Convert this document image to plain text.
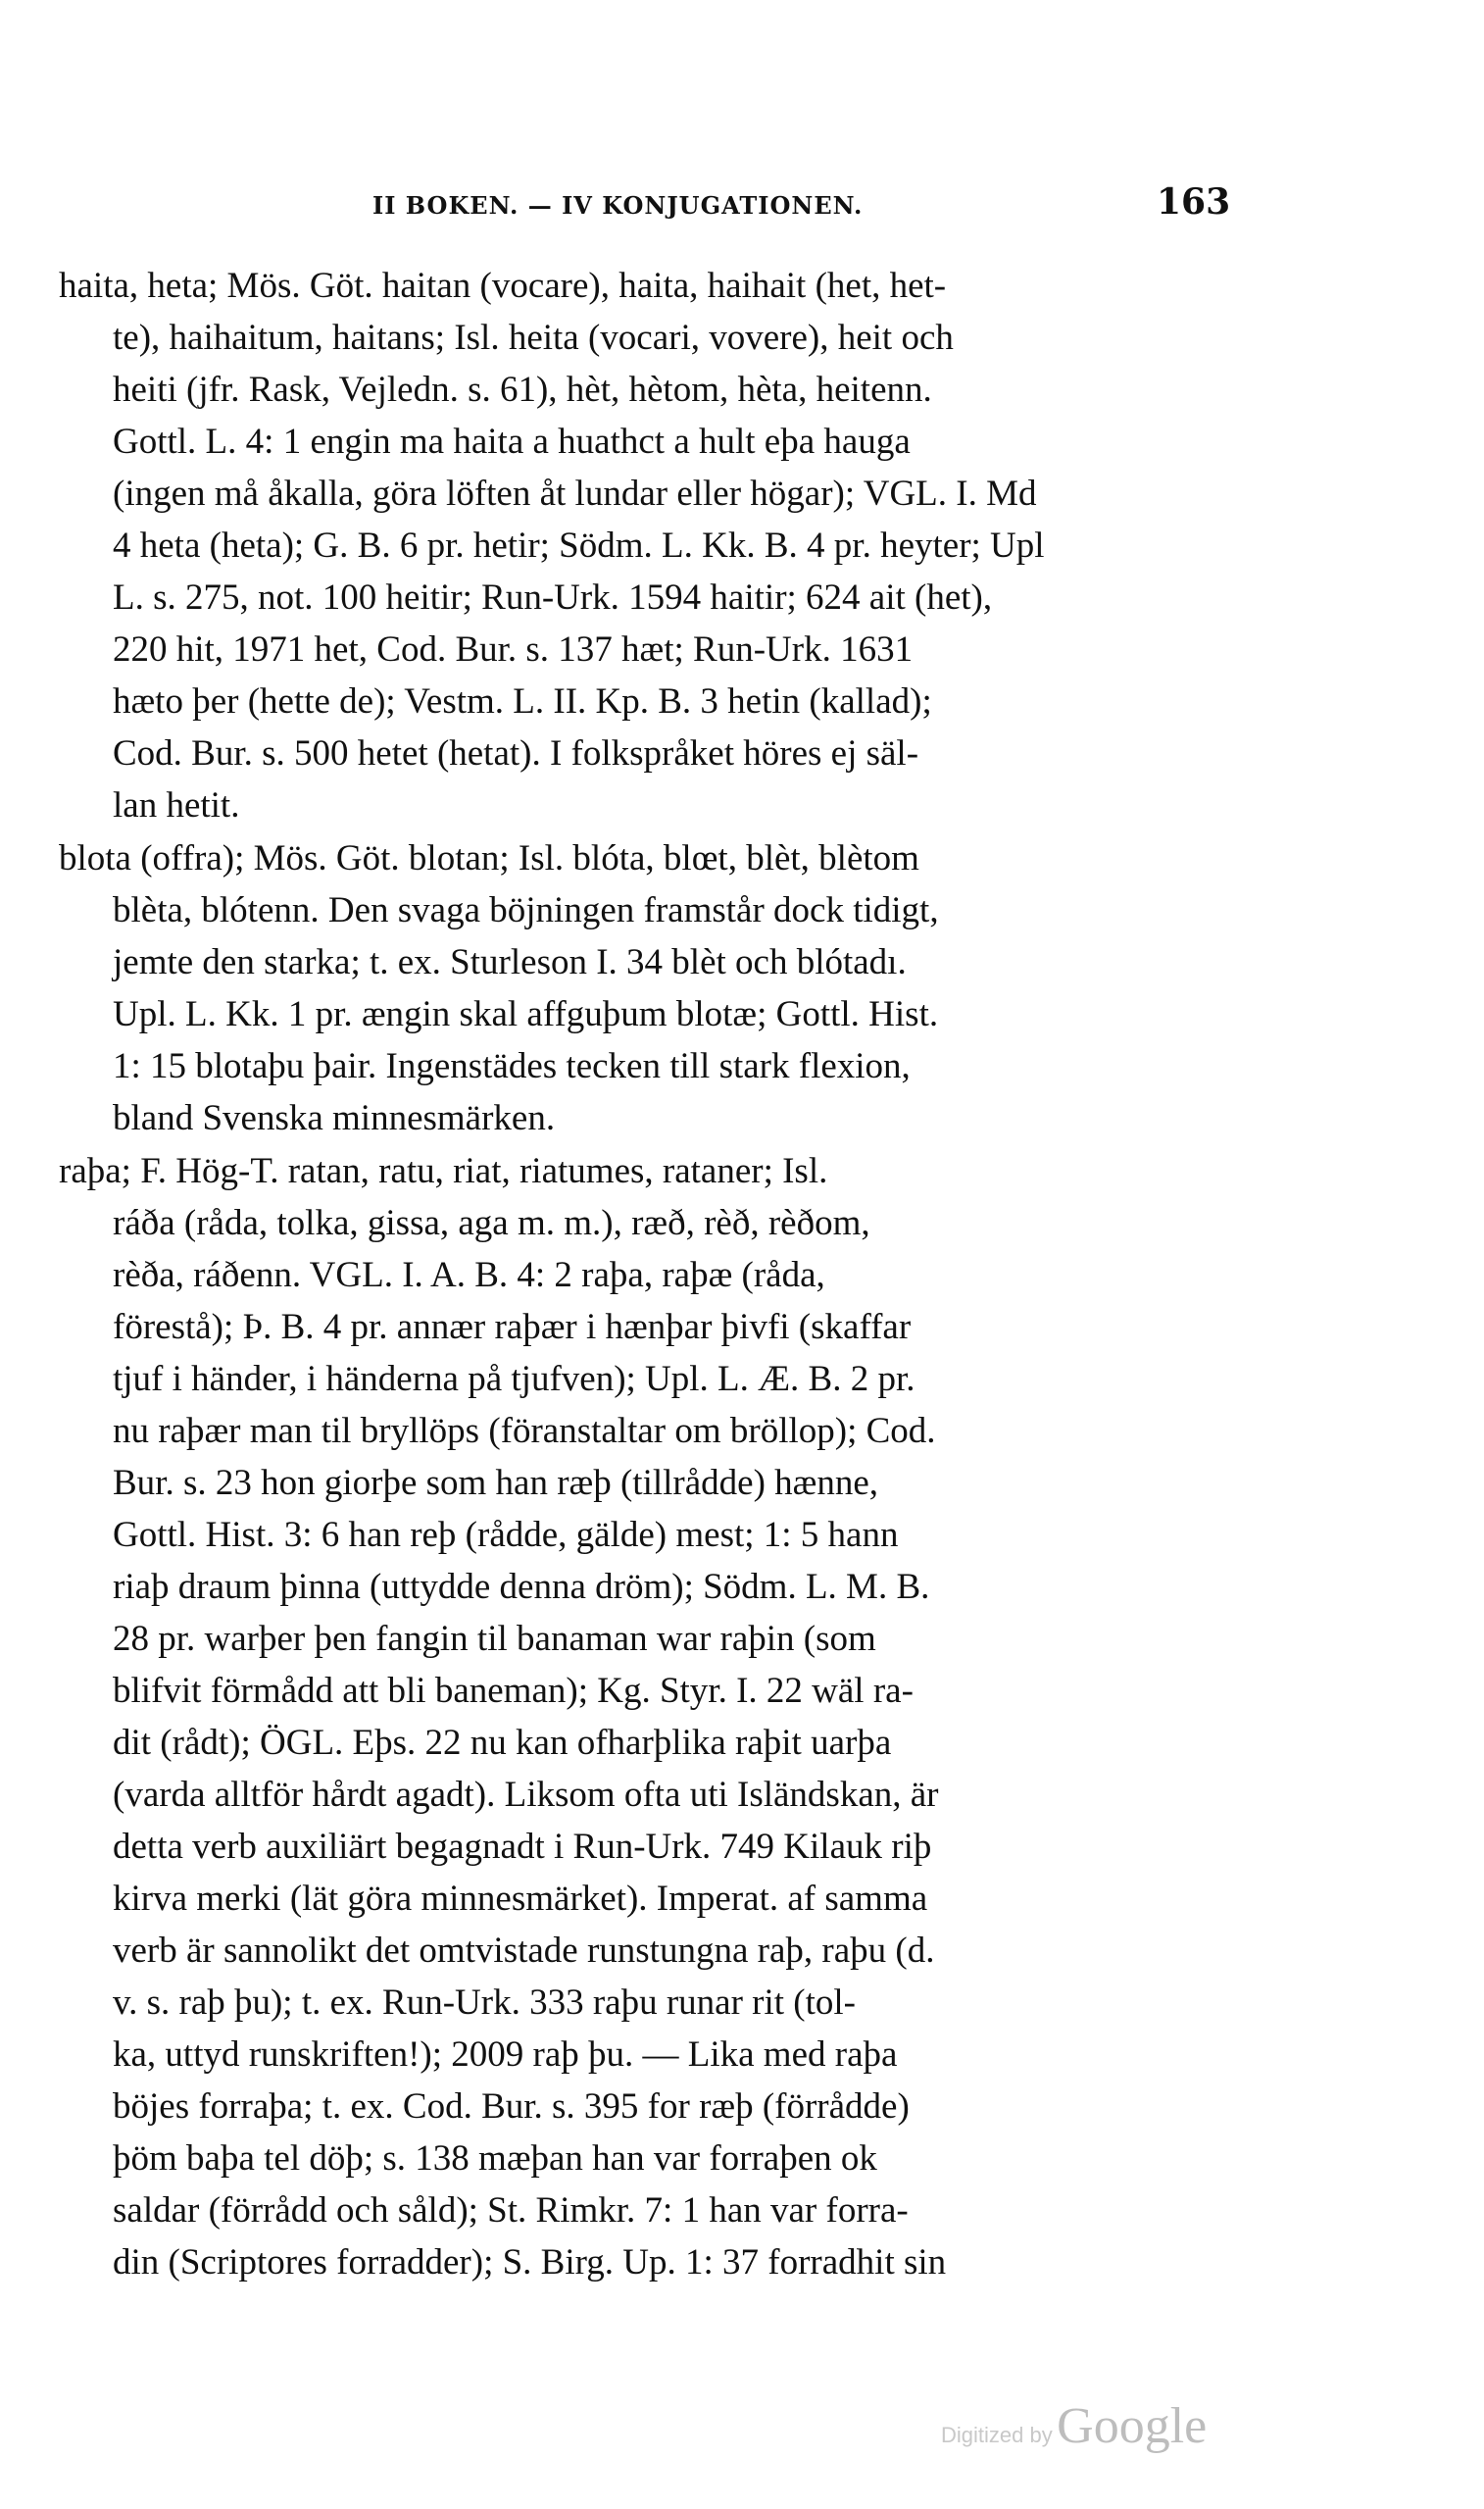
II BOKEN. — IV KONJUGATIONEN.	163
haita, heta; Mös. Göt. haitan (vocare), haita, haihait (het, het-
te), haihaitum, haitans; Isl. heita (vocari, vovere), heit och
heiti (jfr. Rask, Vejledn. s. 61), hèt, hètom, hèta, heitenn.
Gottl. L. 4: 1 engin ma haita a huathct a hult eþa hauga
(ingen må åkalla, göra löften åt lundar eller högar); VGL. I. Md
4 heta (heta); G. B. 6 pr. hetir; Södm. L. Kk. B. 4 pr. heyter; Upl
L. s. 275, not. 100 heitir; Run-Urk. 1594 haitir; 624 ait (het),
220 hit, 1971 het, Cod. Bur. s. 137 hæt; Run-Urk. 1631
hæto þer (hette de); Vestm. L. II. Kp. B. 3 hetin (kallad);
Cod. Bur. s. 500 hetet (hetat). I folkspråket höres ej säl-
lan hetit.
blota (offra); Mös. Göt. blotan; Isl. blóta, blœt, blèt, blètom
blèta, blótenn. Den svaga böjningen framstår dock tidigt,
jemte den starka; t. ex. Sturleson I. 34 blèt och blótadı.
Upl. L. Kk. 1 pr. ængin skal affguþum blotæ; Gottl. Hist.
1: 15 blotaþu þair. Ingenstädes tecken till stark flexion,
bland Svenska minnesmärken.
raþa; F. Hög-T. ratan, ratu, riat, riatumes, rataner; Isl.
ráða (råda, tolka, gissa, aga m. m.), ræð, rèð, rèðom,
rèða, ráðenn. VGL. I. A. B. 4: 2 raþa, raþæ (råda,
förestå); Þ. B. 4 pr. annær raþær i hænþar þivfi (skaffar
tjuf i händer, i händerna på tjufven); Upl. L. Æ. B. 2 pr.
nu raþær man til bryllöps (föranstaltar om bröllop); Cod.
Bur. s. 23 hon giorþe som han ræþ (tillrådde) hænne,
Gottl. Hist. 3: 6 han reþ (rådde, gälde) mest; 1: 5 hann
riaþ draum þinna (uttydde denna dröm); Södm. L. M. B.
28 pr. warþer þen fangin til banaman war raþin (som
blifvit förmådd att bli baneman); Kg. Styr. I. 22 wäl ra-
dit (rådt); ÖGL. Eþs. 22 nu kan ofharþlika raþit uarþa
(varda alltför hårdt agadt). Liksom ofta uti Isländskan, är
detta verb auxiliärt begagnadt i Run-Urk. 749 Kilauk riþ
kirva merki (lät göra minnesmärket). Imperat. af samma
verb är sannolikt det omtvistade runstungna raþ, raþu (d.
v. s. raþ þu); t. ex. Run-Urk. 333 raþu runar rit (tol-
ka, uttyd runskriften!); 2009 raþ þu. — Lika med raþa
böjes forraþa; t. ex. Cod. Bur. s. 395 for ræþ (förrådde)
þöm baþa tel döþ; s. 138 mæþan han var forraþen ok
saldar (förrådd och såld); St. Rimkr. 7: 1 han var forra-
din (Scriptores forradder); S. Birg. Up. 1: 37 forradhit sin
Digitized by Google
